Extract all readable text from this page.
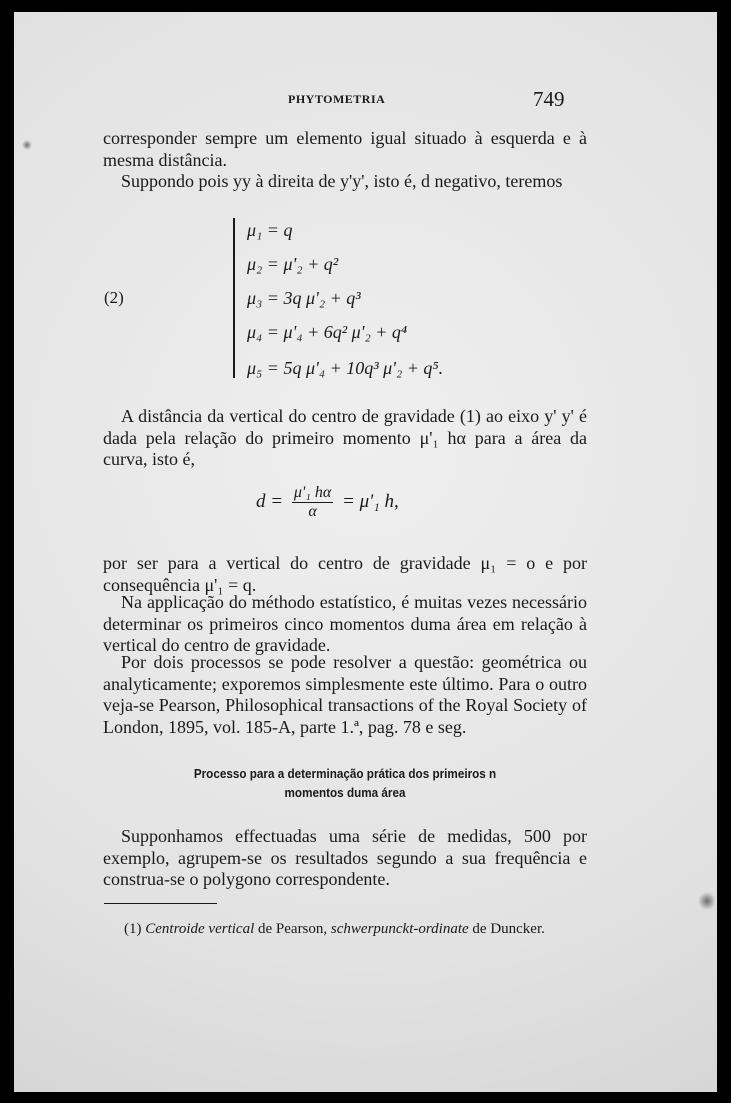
PHYTOMETRIA	749

corresponder sempre um elemento igual situado à esquerda e à mesma distância.

Suppondo pois yy à direita de y'y', isto é, d negativo, teremos

(2)
μ₁ = q
μ₂ = μ'₂ + q²
μ₃ = 3q μ'₂ + q³
μ₄ = μ'₄ + 6q² μ'₂ + q⁴
μ₅ = 5q μ'₄ + 10q³ μ'₂ + q⁵.

A distância da vertical do centro de gravidade (1) ao eixo y' y' é dada pela relação do primeiro momento μ'₁ hα para a área da curva, isto é,

$d = \frac{\text{μ'₁ hα}}{\alpha} = \mu'_1$ h,

por ser para a vertical do centro de gravidade μ₁ = o e por consequência μ'₁ = q.

Na applicação do méthodo estatístico, é muitas vezes necessário determinar os primeiros cinco momentos duma área em relação à vertical do centro de gravidade.

Por dois processos se pode resolver a questão: geométrica ou analyticamente; exporemos simplesmente este último. Para o outro veja-se Pearson, Philosophical transactions of the Royal Society of London, 1895, vol. 185-A, parte 1.ª, pag. 78 e seg.

Processo para a determinação prática dos primeiros n
momentos duma área

Supponhamos effectuadas uma série de medidas, 500 por exemplo, agrupem-se os resultados segundo a sua frequência e construa-se o polygono correspondente.

(1) Centroide vertical de Pearson, schwerpunckt-ordinate de Duncker.
